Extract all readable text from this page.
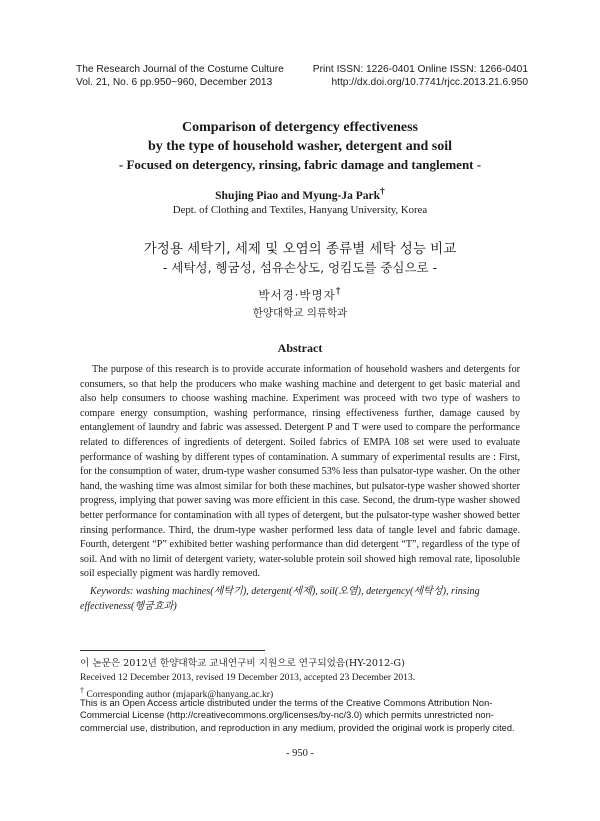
The Research Journal of the Costume Culture
Vol. 21, No. 6 pp.950~960, December 2013
Print ISSN: 1226-0401 Online ISSN: 1266-0401
http://dx.doi.org/10.7741/rjcc.2013.21.6.950
Comparison of detergency effectiveness
by the type of household washer, detergent and soil
- Focused on detergency, rinsing, fabric damage and tanglement -
Shujing Piao and Myung-Ja Park†
Dept. of Clothing and Textiles, Hanyang University, Korea
가정용 세탁기, 세제 및 오염의 종류별 세탁 성능 비교
- 세탁성, 헹굼성, 섬유손상도, 엉킴도를 중심으로 -
박서경·박명자†
한양대학교 의류학과
Abstract

The purpose of this research is to provide accurate information of household washers and detergents for consumers, so that help the producers who make washing machine and detergent to get basic material and also help consumers to choose washing machine. Experiment was proceed with two type of washers to compare energy consumption, washing performance, rinsing effectiveness further, damage caused by entanglement of laundry and fabric was assessed. Detergent P and T were used to compare the performance related to differences of ingredients of detergent. Soiled fabrics of EMPA 108 set were used to evaluate performance of washing by different types of contamination. A summary of experimental results are : First, for the consumption of water, drum-type washer consumed 53% less than pulsator-type washer. On the other hand, the washing time was almost similar for both these machines, but pulsator-type washer showed shorter progress, implying that power saving was more efficient in this case. Second, the drum-type washer showed better performance for contamination with all types of detergent, but the pulsator-type washer showed better rinsing performance. Third, the drum-type washer performed less data of tangle level and fabric damage. Fourth, detergent “P” exhibited better washing performance than did detergent “T”, regardless of the type of soil. And with no limit of detergent variety, water-soluble protein soil showed high removal rate, liposoluble soil especially pigment was hardly removed.

Keywords: washing machines(세탁기), detergent(세제), soil(오염), detergency(세탁성), rinsing effectiveness(헹굼효과)
이 논문은 2012년 한양대학교 교내연구비 지원으로 연구되었음(HY-2012-G)
Received 12 December 2013, revised 19 December 2013, accepted 23 December 2013.
† Corresponding author (mjapark@hanyang.ac.kr)
This is an Open Access article distributed under the terms of the Creative Commons Attribution Non-Commercial License (http://creativecommons.org/licenses/by-nc/3.0) which permits unrestricted non-commercial use, distribution, and reproduction in any medium, provided the original work is properly cited.
- 950 -
